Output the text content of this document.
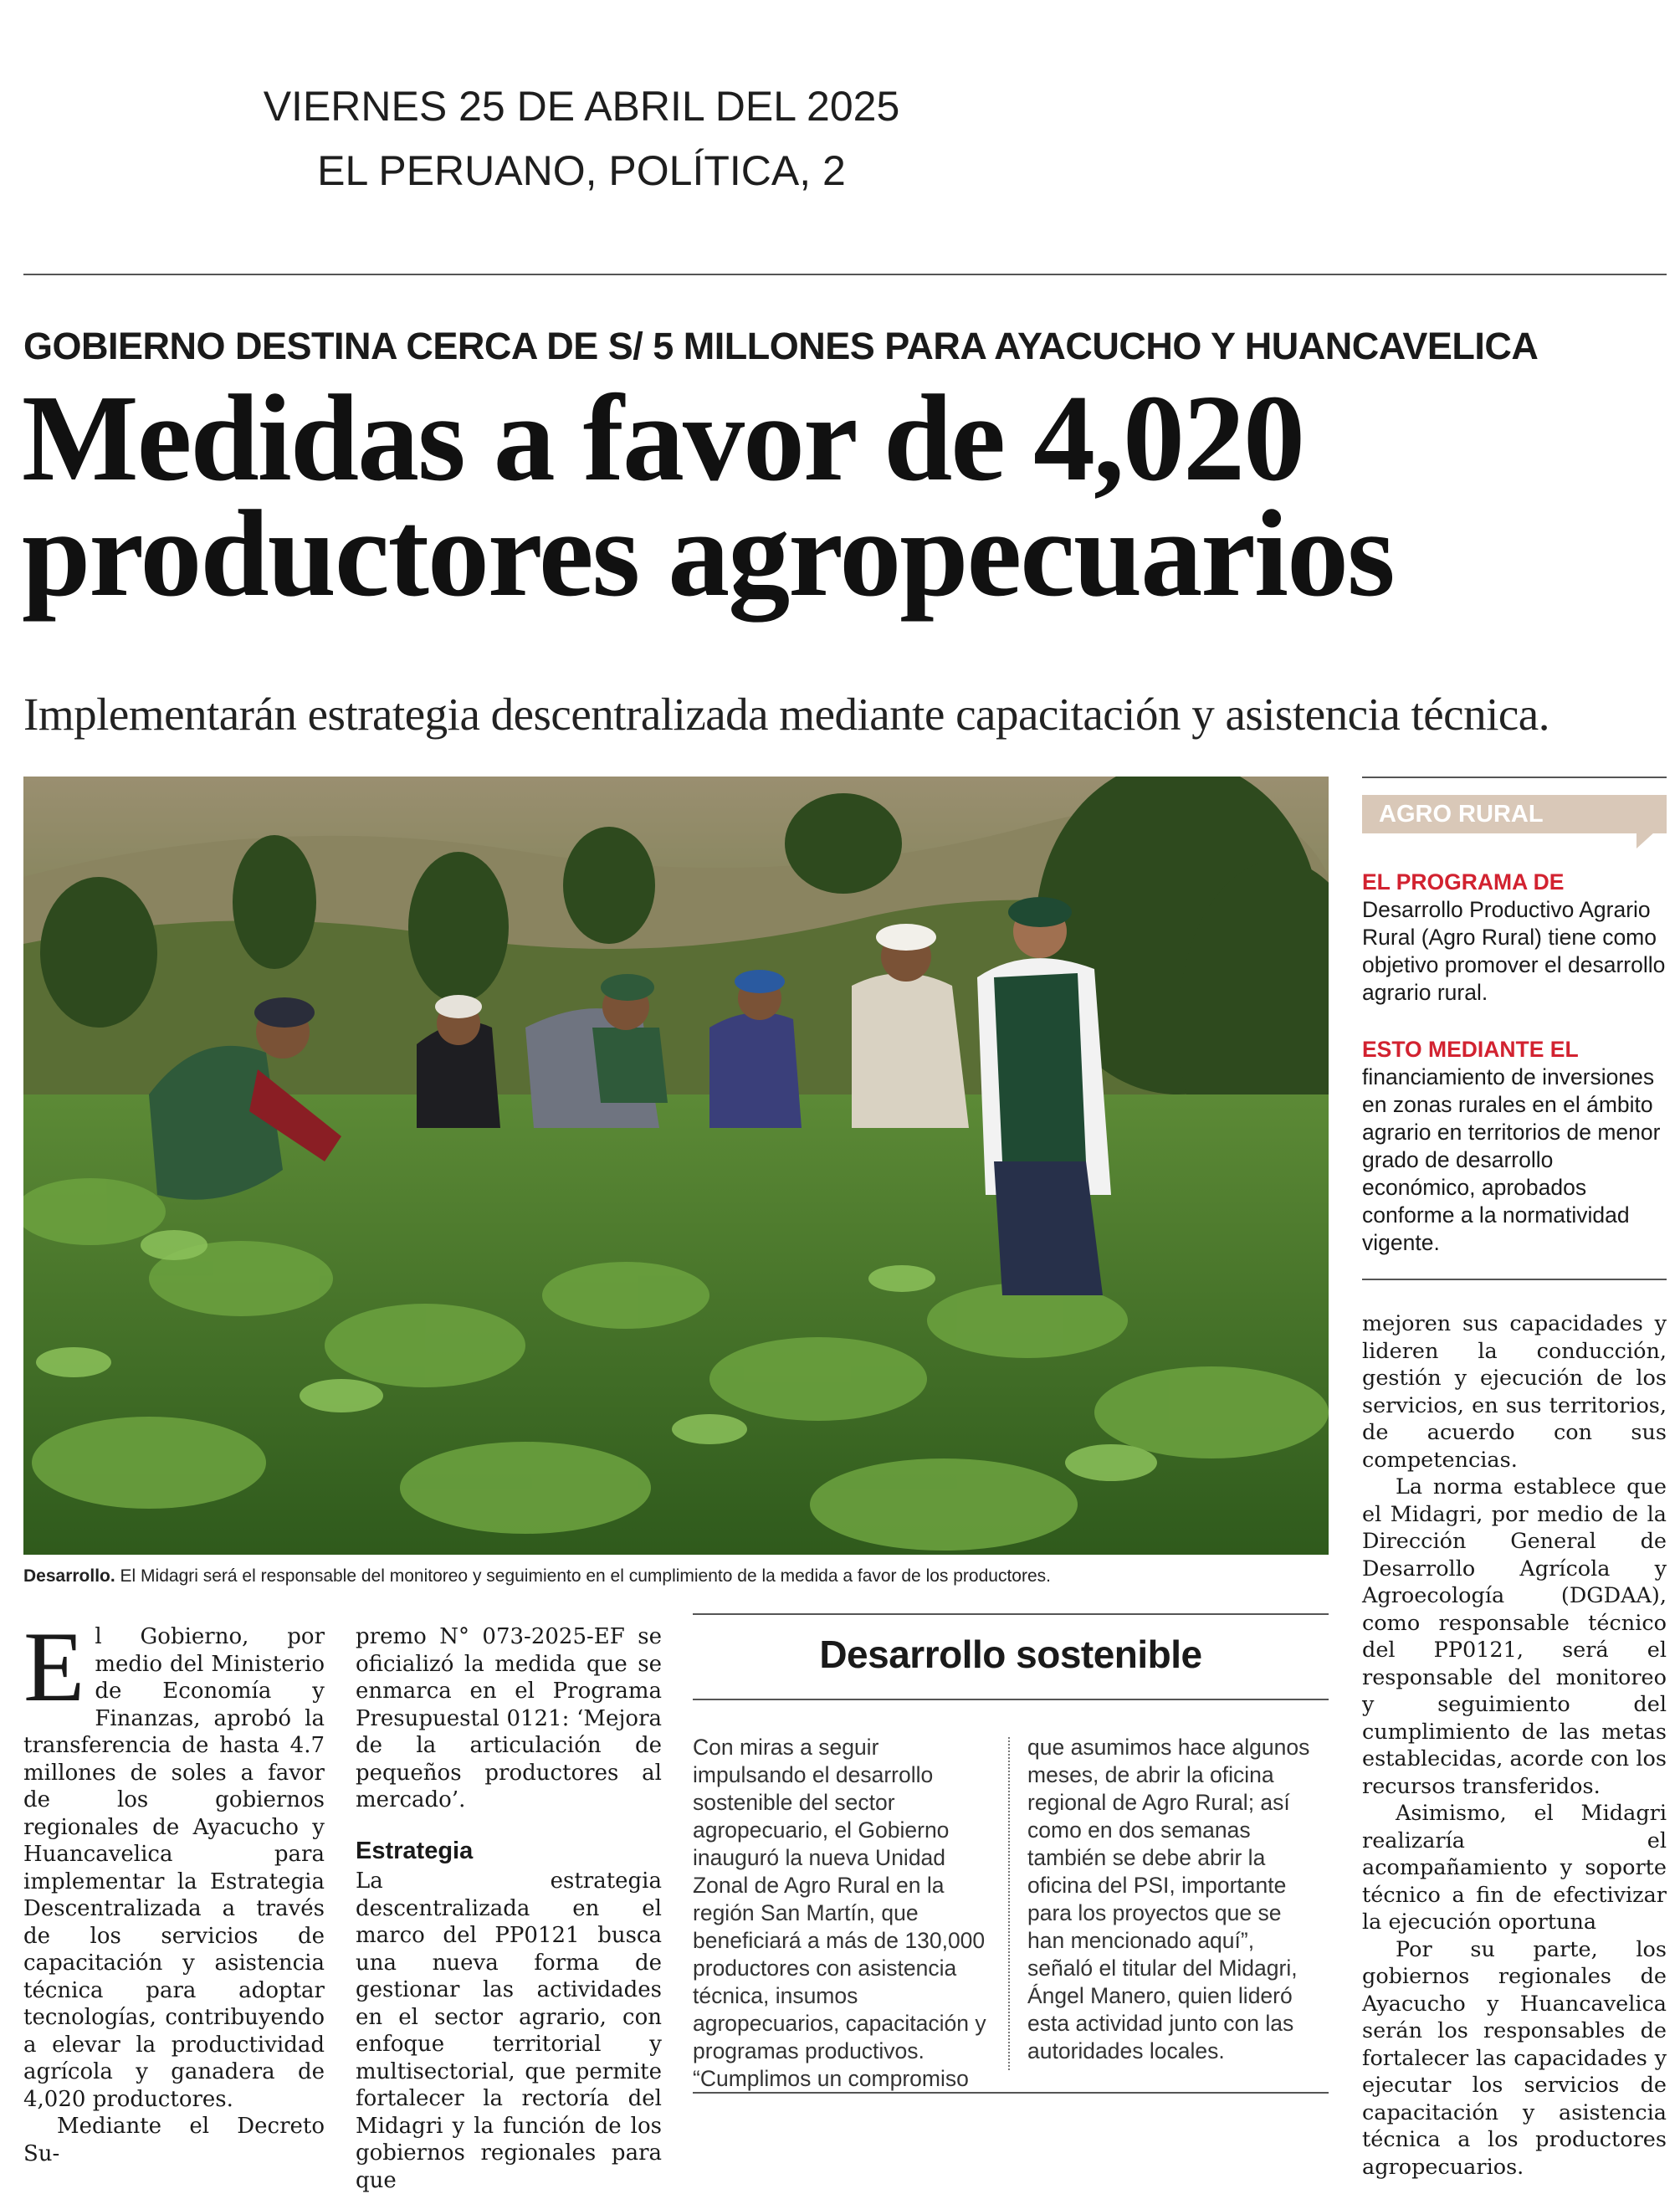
VIERNES 25 DE ABRIL DEL 2025
EL PERUANO, POLÍTICA, 2
GOBIERNO DESTINA CERCA DE S/ 5 MILLONES PARA AYACUCHO Y HUANCAVELICA
Medidas a favor de 4,020
productores agropecuarios
Implementarán estrategia descentralizada mediante capacitación y asistencia técnica.
Desarrollo. El Midagri será el responsable del monitoreo y seguimiento en el cumplimiento de la medida a favor de los productores.
AGRO RURAL
EL PROGRAMA DE Desarrollo Productivo Agrario Rural (Agro Rural) tiene como objetivo promover el desarrollo agrario rural.
ESTO MEDIANTE EL financiamiento de inversiones en zonas rurales en el ámbito agrario en territorios de menor grado de desarrollo económico, aprobados conforme a la normatividad vigente.

mejoren sus capacidades y lideren la conducción, gestión y ejecución de los servicios, en sus territorios, de acuerdo con sus competencias.

La norma establece que el Midagri, por medio de la Dirección General de Desarrollo Agrícola y Agroecología (DGDAA), como responsable técnico del PP0121, será el responsable del monitoreo y seguimiento del cumplimiento de las metas establecidas, acorde con los recursos transferidos.

Asimismo, el Midagri realizaría el acompañamiento y soporte técnico a fin de efectivizar la ejecución oportuna

Por su parte, los gobiernos regionales de Ayacucho y Huancavelica serán los responsables de fortalecer las capacidades y ejecutar los servicios de capacitación y asistencia técnica a los productores agropecuarios.

El Gobierno, por medio del Ministerio de Economía y Finanzas, aprobó la transferencia de hasta 4.7 millones de soles a favor de los gobiernos regionales de Ayacucho y Huancavelica para implementar la Estrategia Descentralizada a través de los servicios de capacitación y asistencia técnica para adoptar tecnologías, contribuyendo a elevar la productividad agrícola y ganadera de 4,020 productores.

Mediante el Decreto Su-

premo N° 073-2025-EF se oficializó la medida que se enmarca en el Programa Presupuestal 0121: ‘Mejora de la articulación de pequeños productores al mercado’.

Estrategia

La estrategia descentralizada en el marco del PP0121 busca una nueva forma de gestionar las actividades en el sector agrario, con enfoque territorial y multisectorial, que permite fortalecer la rectoría del Midagri y la función de los gobiernos regionales para que

Desarrollo sostenible
Con miras a seguir impulsando el desarrollo sostenible del sector agropecuario, el Gobierno inauguró la nueva Unidad Zonal de Agro Rural en la región San Martín, que beneficiará a más de 130,000 productores con asistencia técnica, insumos agropecuarios, capacitación y programas productivos. “Cumplimos un compromiso
que asumimos hace algunos meses, de abrir la oficina regional de Agro Rural; así como en dos semanas también se debe abrir la oficina del PSI, importante para los proyectos que se han mencionado aquí”, señaló el titular del Midagri, Ángel Manero, quien lideró esta actividad junto con las autoridades locales.
